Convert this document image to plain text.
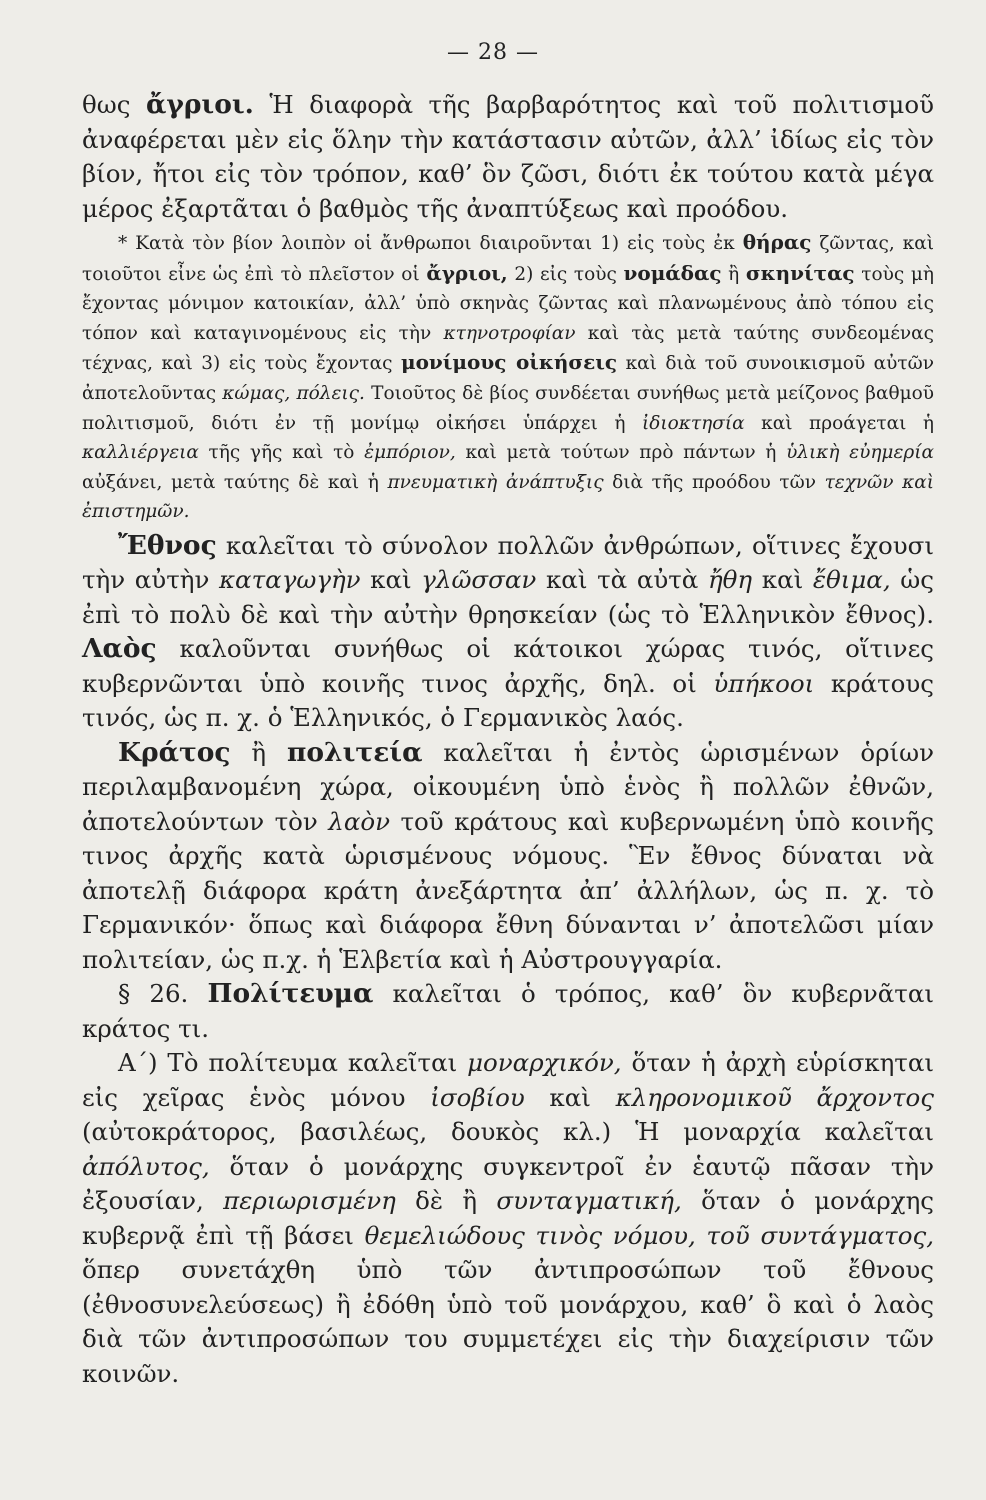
— 28 —

θως ἄγριοι. Ἡ διαφορὰ τῆς βαρβαρότητος καὶ τοῦ πολιτισμοῦ ἀναφέρεται μὲν εἰς ὅλην τὴν κατάστασιν αὐτῶν, ἀλλ’ ἰδίως εἰς τὸν βίον, ἤτοι εἰς τὸν τρόπον, καθ’ ὃν ζῶσι, διότι ἐκ τούτου κατὰ μέγα μέρος ἐξαρτᾶται ὁ βαθμὸς τῆς ἀναπτύξεως καὶ προόδου.

* Κατὰ τὸν βίον λοιπὸν οἱ ἄνθρωποι διαιροῦνται 1) εἰς τοὺς ἐκ θήρας ζῶντας, καὶ τοιοῦτοι εἶνε ὡς ἐπὶ τὸ πλεῖστον οἱ ἄγριοι, 2) εἰς τοὺς νομάδας ἢ σκηνίτας τοὺς μὴ ἔχοντας μόνιμον κατοικίαν, ἀλλ’ ὑπὸ σκηνὰς ζῶντας καὶ πλανωμένους ἀπὸ τόπου εἰς τόπον καὶ καταγινομένους εἰς τὴν κτηνοτροφίαν καὶ τὰς μετὰ ταύτης συνδεομένας τέχνας, καὶ 3) εἰς τοὺς ἔχοντας μονίμους οἰκήσεις καὶ διὰ τοῦ συνοικισμοῦ αὐτῶν ἀποτελοῦντας κώμας, πόλεις. Τοιοῦτος δὲ βίος συνδέεται συνήθως μετὰ μείζονος βαθμοῦ πολιτισμοῦ, διότι ἐν τῇ μονίμῳ οἰκήσει ὑπάρχει ἡ ἰδιοκτησία καὶ προάγεται ἡ καλλιέργεια τῆς γῆς καὶ τὸ ἐμπόριον, καὶ μετὰ τούτων πρὸ πάντων ἡ ὑλικὴ εὐημερία αὐξάνει, μετὰ ταύτης δὲ καὶ ἡ πνευματικὴ ἀνάπτυξις διὰ τῆς προόδου τῶν τεχνῶν καὶ ἐπιστημῶν.

Ἔθνος καλεῖται τὸ σύνολον πολλῶν ἀνθρώπων, οἵτινες ἔχουσι τὴν αὐτὴν καταγωγὴν καὶ γλῶσσαν καὶ τὰ αὐτὰ ἤθη καὶ ἔθιμα, ὡς ἐπὶ τὸ πολὺ δὲ καὶ τὴν αὐτὴν θρησκείαν (ὡς τὸ Ἑλληνικὸν ἔθνος). Λαὸς καλοῦνται συνήθως οἱ κάτοικοι χώρας τινός, οἵτινες κυβερνῶνται ὑπὸ κοινῆς τινος ἀρχῆς, δηλ. οἱ ὑπήκοοι κράτους τινός, ὡς π. χ. ὁ Ἑλληνικός, ὁ Γερμανικὸς λαός.

Κράτος ἢ πολιτεία καλεῖται ἡ ἐντὸς ὡρισμένων ὁρίων περιλαμβανομένη χώρα, οἰκουμένη ὑπὸ ἑνὸς ἢ πολλῶν ἐθνῶν, ἀποτελούντων τὸν λαὸν τοῦ κράτους καὶ κυβερνωμένη ὑπὸ κοινῆς τινος ἀρχῆς κατὰ ὡρισμένους νόμους. Ἓν ἔθνος δύναται νὰ ἀποτελῇ διάφορα κράτη ἀνεξάρτητα ἀπ’ ἀλλήλων, ὡς π. χ. τὸ Γερμανικόν· ὅπως καὶ διάφορα ἔθνη δύνανται ν’ ἀποτελῶσι μίαν πολιτείαν, ὡς π.χ. ἡ Ἑλβετία καὶ ἡ Αὐστρουγγαρία.

§ 26. Πολίτευμα καλεῖται ὁ τρόπος, καθ’ ὃν κυβερνᾶται κράτος τι.

Α΄) Τὸ πολίτευμα καλεῖται μοναρχικόν, ὅταν ἡ ἀρχὴ εὑρίσκηται εἰς χεῖρας ἑνὸς μόνου ἰσοβίου καὶ κληρονομικοῦ ἄρχοντος (αὐτοκράτορος, βασιλέως, δουκὸς κλ.) Ἡ μοναρχία καλεῖται ἀπόλυτος, ὅταν ὁ μονάρχης συγκεντροῖ ἐν ἑαυτῷ πᾶσαν τὴν ἐξουσίαν, περιωρισμένη δὲ ἢ συνταγματική, ὅταν ὁ μονάρχης κυβερνᾷ ἐπὶ τῇ βάσει θεμελιώδους τινὸς νόμου, τοῦ συντάγματος, ὅπερ συνετάχθη ὑπὸ τῶν ἀντιπροσώπων τοῦ ἔθνους (ἐθνοσυνελεύσεως) ἢ ἐδόθη ὑπὸ τοῦ μονάρχου, καθ’ ὃ καὶ ὁ λαὸς διὰ τῶν ἀντιπροσώπων του συμμετέχει εἰς τὴν διαχείρισιν τῶν κοινῶν.
